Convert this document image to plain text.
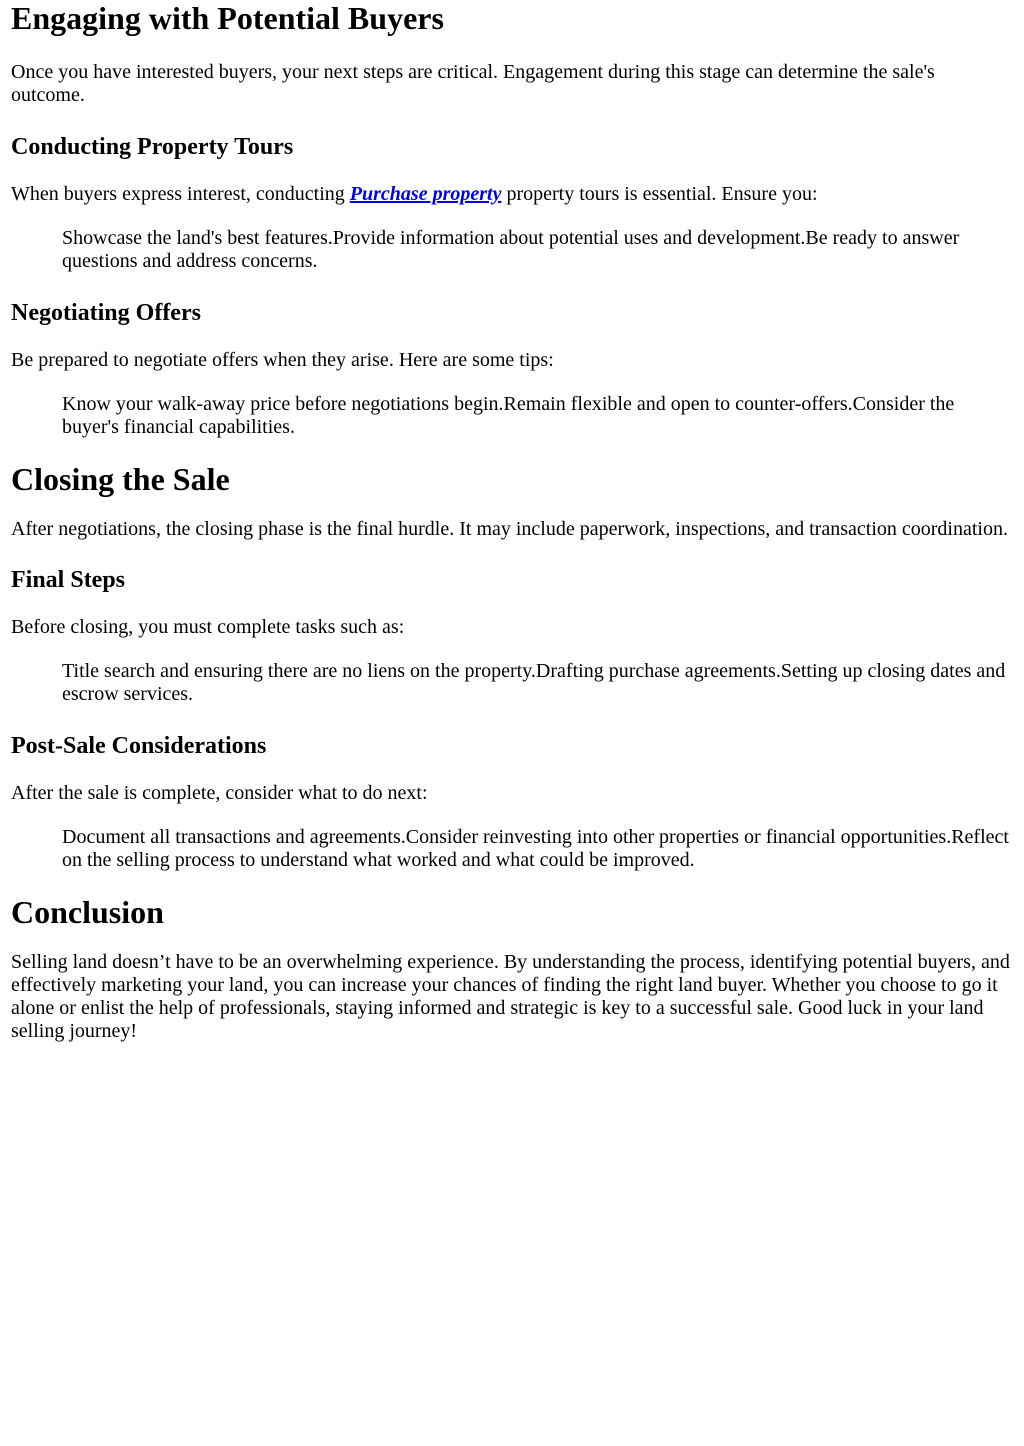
Engaging with Potential Buyers

Once you have interested buyers, your next steps are critical. Engagement during this stage can determine the sale's outcome.

Conducting Property Tours

When buyers express interest, conducting Purchase property property tours is essential. Ensure you:

Showcase the land's best features.Provide information about potential uses and development.Be ready to answer questions and address concerns.
Negotiating Offers

Be prepared to negotiate offers when they arise. Here are some tips:

Know your walk-away price before negotiations begin.Remain flexible and open to counter-offers.Consider the buyer's financial capabilities.
Closing the Sale

After negotiations, the closing phase is the final hurdle. It may include paperwork, inspections, and transaction coordination.

Final Steps

Before closing, you must complete tasks such as:

Title search and ensuring there are no liens on the property.Drafting purchase agreements.Setting up closing dates and escrow services.
Post-Sale Considerations

After the sale is complete, consider what to do next:

Document all transactions and agreements.Consider reinvesting into other properties or financial opportunities.Reflect on the selling process to understand what worked and what could be improved.
Conclusion

Selling land doesn’t have to be an overwhelming experience. By understanding the process, identifying potential buyers, and effectively marketing your land, you can increase your chances of finding the right land buyer. Whether you choose to go it alone or enlist the help of professionals, staying informed and strategic is key to a successful sale. Good luck in your land selling journey!
